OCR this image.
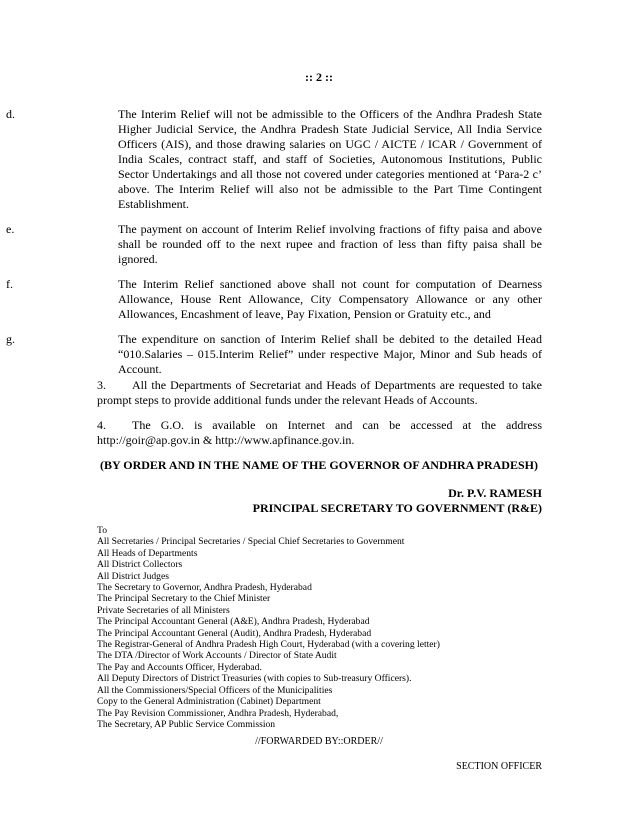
:: 2 ::
d.	The Interim Relief will not be admissible to the Officers of the Andhra Pradesh State Higher Judicial Service, the Andhra Pradesh State Judicial Service, All India Service Officers (AIS), and those drawing salaries on UGC / AICTE / ICAR / Government of India Scales, contract staff, and staff of Societies, Autonomous Institutions, Public Sector Undertakings and all those not covered under categories mentioned at ‘Para-2 c’ above. The Interim Relief will also not be admissible to the Part Time Contingent Establishment.
e.	The payment on account of Interim Relief involving fractions of fifty paisa and above shall be rounded off to the next rupee and fraction of less than fifty paisa shall be ignored.
f.	The Interim Relief sanctioned above shall not count for computation of Dearness Allowance, House Rent Allowance, City Compensatory Allowance or any other Allowances, Encashment of leave, Pay Fixation, Pension or Gratuity etc., and
g.	The expenditure on sanction of Interim Relief shall be debited to the detailed Head “010.Salaries – 015.Interim Relief” under respective Major, Minor and Sub heads of Account.
3. All the Departments of Secretariat and Heads of Departments are requested to take prompt steps to provide additional funds under the relevant Heads of Accounts.
4. The G.O. is available on Internet and can be accessed at the address http://goir@ap.gov.in & http://www.apfinance.gov.in.
(BY ORDER AND IN THE NAME OF THE GOVERNOR OF ANDHRA PRADESH)
Dr. P.V. RAMESH
PRINCIPAL SECRETARY TO GOVERNMENT (R&E)
To
All Secretaries / Principal Secretaries / Special Chief Secretaries to Government
All Heads of Departments
All District Collectors
All District Judges
The Secretary to Governor, Andhra Pradesh, Hyderabad
The Principal Secretary to the Chief Minister
Private Secretaries of all Ministers
The Principal Accountant General (A&E), Andhra Pradesh, Hyderabad
The Principal Accountant General (Audit), Andhra Pradesh, Hyderabad
The Registrar-General of Andhra Pradesh High Court, Hyderabad (with a covering letter)
The DTA /Director of Work Accounts / Director of State Audit
The Pay and Accounts Officer, Hyderabad.
All Deputy Directors of District Treasuries (with copies to Sub-treasury Officers).
All the Commissioners/Special Officers of the Municipalities
Copy to the General Administration (Cabinet) Department
The Pay Revision Commissioner, Andhra Pradesh, Hyderabad,
The Secretary, AP Public Service Commission
//FORWARDED BY::ORDER//
SECTION OFFICER
